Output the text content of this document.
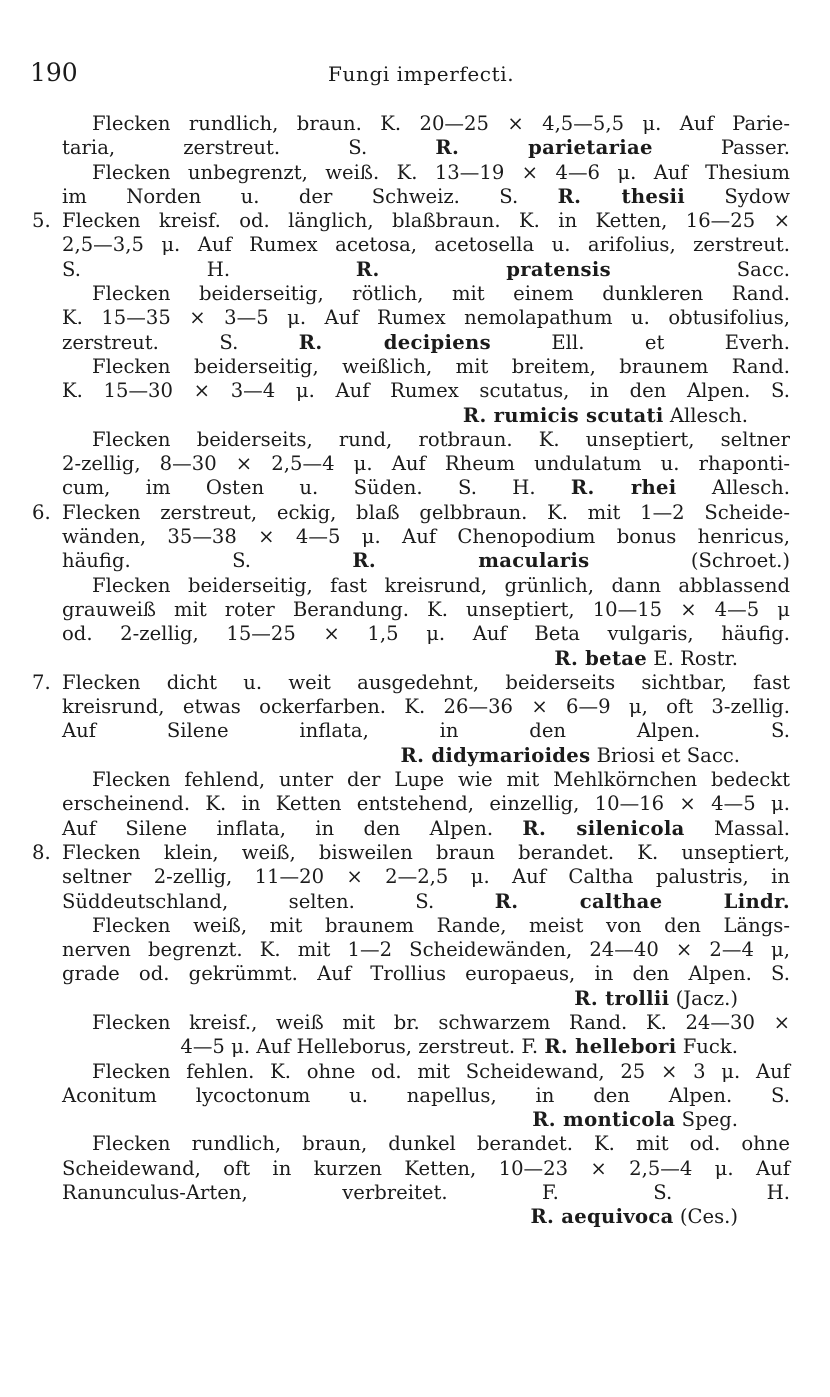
190	Fungi imperfecti.
Flecken rundlich, braun. K. 20—25 × 4,5—5,5 μ. Auf Parie-
taria, zerstreut. S.	R. parietariae	Passer.
Flecken unbegrenzt, weiß. K. 13—19 × 4—6 μ. Auf Thesium
im Norden u. der Schweiz. S. R. thesii Sydow
5. Flecken kreisf. od. länglich, blaßbraun. K. in Ketten, 16—25 ×
2,5—3,5 μ. Auf Rumex acetosa, acetosella u. arifolius, zerstreut.
S. H.	R. pratensis	Sacc.
Flecken beiderseitig, rötlich, mit einem dunkleren Rand.
K. 15—35 × 3—5 μ. Auf Rumex nemolapathum u. obtusifolius,
zerstreut. S.	R. decipiens	Ell. et Everh.
Flecken beiderseitig, weißlich, mit breitem, braunem Rand.
K. 15—30 × 3—4 μ. Auf Rumex scutatus, in den Alpen. S.
R. rumicis scutati Allesch.
Flecken beiderseits, rund, rotbraun. K. unseptiert, seltner
2-zellig, 8—30 × 2,5—4 μ. Auf Rheum undulatum u. rhaponti-
cum, im Osten u. Süden. S. H. R. rhei Allesch.
6. Flecken zerstreut, eckig, blaß gelbbraun. K. mit 1—2 Scheide-
wänden, 35—38 × 4—5 μ. Auf Chenopodium bonus henricus,
häufig. S.	R. macularis	(Schroet.)
Flecken beiderseitig, fast kreisrund, grünlich, dann abblassend
grauweiß mit roter Berandung. K. unseptiert, 10—15 × 4—5 μ
od. 2-zellig, 15—25 × 1,5 μ. Auf Beta vulgaris, häufig.
R. betae E. Rostr.
7. Flecken dicht u. weit ausgedehnt, beiderseits sichtbar, fast
kreisrund, etwas ockerfarben. K. 26—36 × 6—9 μ, oft 3-zellig.
Auf Silene inflata, in den Alpen. S.
R. didymarioides Briosi et Sacc.
Flecken fehlend, unter der Lupe wie mit Mehlkörnchen bedeckt
erscheinend. K. in Ketten entstehend, einzellig, 10—16 × 4—5 μ.
Auf Silene inflata, in den Alpen. R. silenicola Massal.
8. Flecken klein, weiß, bisweilen braun berandet. K. unseptiert,
seltner 2-zellig, 11—20 × 2—2,5 μ. Auf Caltha palustris, in
Süddeutschland, selten. S.	R. calthae Lindr.
Flecken weiß, mit braunem Rande, meist von den Längs-
nerven begrenzt. K. mit 1—2 Scheidewänden, 24—40 × 2—4 μ,
grade od. gekrümmt. Auf Trollius europaeus, in den Alpen. S.
R. trollii (Jacz.)
Flecken kreisf., weiß mit br. schwarzem Rand. K. 24—30 ×
4—5 μ. Auf Helleborus, zerstreut. F. R. hellebori Fuck.
Flecken fehlen. K. ohne od. mit Scheidewand, 25 × 3 μ. Auf
Aconitum lycoctonum u. napellus, in den Alpen. S.
R. monticola Speg.
Flecken rundlich, braun, dunkel berandet. K. mit od. ohne
Scheidewand, oft in kurzen Ketten, 10—23 × 2,5—4 μ. Auf
Ranunculus-Arten, verbreitet. F. S. H.
R. aequivoca (Ces.)
